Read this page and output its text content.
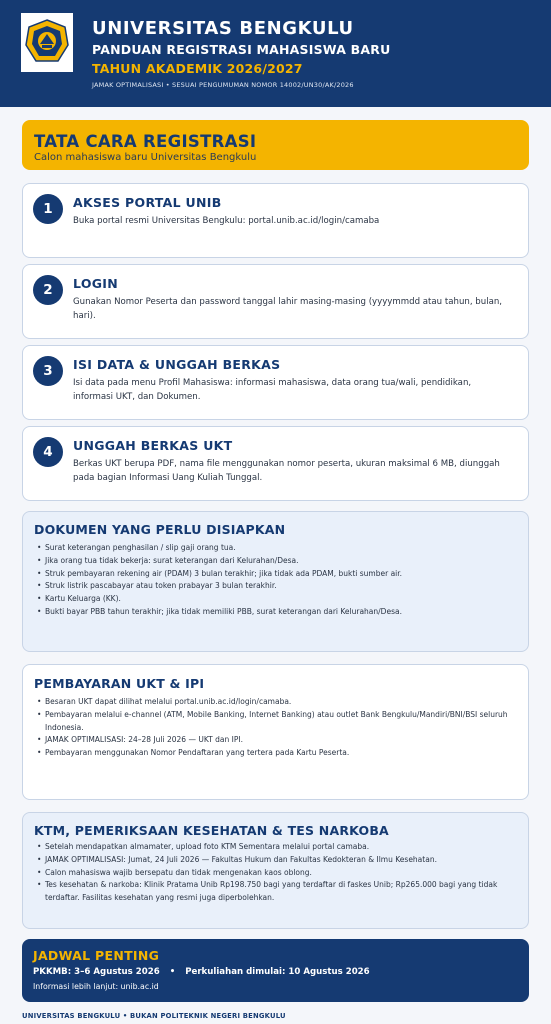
UNIVERSITAS BENGKULU
PANDUAN REGISTRASI MAHASISWA BARU
TAHUN AKADEMIK 2026/2027
JAMAK OPTIMALISASI • SESUAI PENGUMUMAN NOMOR 14002/UN30/AK/2026
TATA CARA REGISTRASI
Calon mahasiswa baru Universitas Bengkulu
1	AKSES PORTAL UNIB
Buka portal resmi Universitas Bengkulu: portal.unib.ac.id/login/camaba
2	LOGIN
Gunakan Nomor Peserta dan password tanggal lahir masing-masing (yyyymmdd atau tahun, bulan, hari).
3	ISI DATA & UNGGAH BERKAS
Isi data pada menu Profil Mahasiswa: informasi mahasiswa, data orang tua/wali, pendidikan, informasi UKT, dan Dokumen.
4	UNGGAH BERKAS UKT
Berkas UKT berupa PDF, nama file menggunakan nomor peserta, ukuran maksimal 6 MB, diunggah pada bagian Informasi Uang Kuliah Tunggal.
DOKUMEN YANG PERLU DISIAPKAN
• Surat keterangan penghasilan / slip gaji orang tua.
• Jika orang tua tidak bekerja: surat keterangan dari Kelurahan/Desa.
• Struk pembayaran rekening air (PDAM) 3 bulan terakhir; jika tidak ada PDAM, bukti sumber air.
• Struk listrik pascabayar atau token prabayar 3 bulan terakhir.
• Kartu Keluarga (KK).
• Bukti bayar PBB tahun terakhir; jika tidak memiliki PBB, surat keterangan dari Kelurahan/Desa.
PEMBAYARAN UKT & IPI
• Besaran UKT dapat dilihat melalui portal.unib.ac.id/login/camaba.
• Pembayaran melalui e-channel (ATM, Mobile Banking, Internet Banking) atau outlet Bank Bengkulu/Mandiri/BNI/BSI seluruh Indonesia.
• JAMAK OPTIMALISASI: 24–28 Juli 2026 — UKT dan IPI.
• Pembayaran menggunakan Nomor Pendaftaran yang tertera pada Kartu Peserta.
KTM, PEMERIKSAAN KESEHATAN & TES NARKOBA
• Setelah mendapatkan almamater, upload foto KTM Sementara melalui portal camaba.
• JAMAK OPTIMALISASI: Jumat, 24 Juli 2026 — Fakultas Hukum dan Fakultas Kedokteran & Ilmu Kesehatan.
• Calon mahasiswa wajib bersepatu dan tidak mengenakan kaos oblong.
• Tes kesehatan & narkoba: Klinik Pratama Unib Rp198.750 bagi yang terdaftar di faskes Unib; Rp265.000 bagi yang tidak terdaftar. Fasilitas kesehatan yang resmi juga diperbolehkan.
JADWAL PENTING
PKKMB: 3–6 Agustus 2026 • Perkuliahan dimulai: 10 Agustus 2026
Informasi lebih lanjut: unib.ac.id
UNIVERSITAS BENGKULU • BUKAN POLITEKNIK NEGERI BENGKULU
